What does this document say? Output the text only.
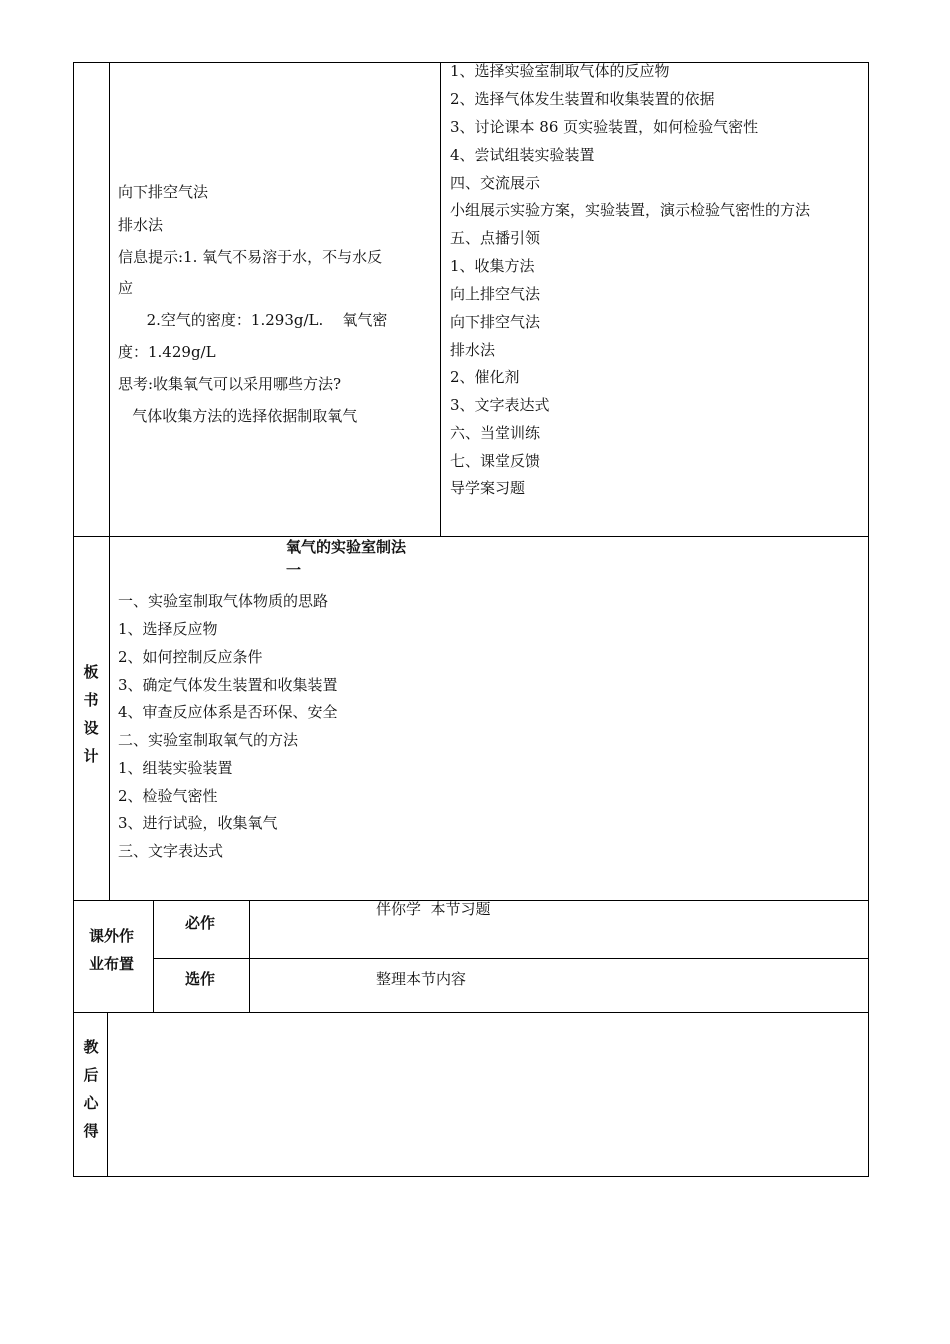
向下排空气法
排水法
信息提示:1. 氧气不易溶于水，不与水反
应
2.空气的密度：1.293g/L.    氧气密
度：1.429g/L
思考:收集氧气可以采用哪些方法?
气体收集方法的选择依据制取氧气
1、选择实验室制取气体的反应物
2、选择气体发生装置和收集装置的依据
3、讨论课本 86 页实验装置，如何检验气密性
4、尝试组装实验装置
四、交流展示
小组展示实验方案，实验装置，演示检验气密性的方法
五、点播引领
1、收集方法
向上排空气法
向下排空气法
排水法
2、催化剂
3、文字表达式
六、当堂训练
七、课堂反馈
导学案习题
板
书
设
计
氧气的实验室制法
一
一、实验室制取气体物质的思路
1、选择反应物
2、如何控制反应条件
3、确定气体发生装置和收集装置
4、审查反应体系是否环保、安全
二、实验室制取氧气的方法
1、组装实验装置
2、检验气密性
3、进行试验，收集氧气
三、文字表达式
课外作
业布置
必作
伴你学  本节习题
选作	整理本节内容
教
后
心
得
